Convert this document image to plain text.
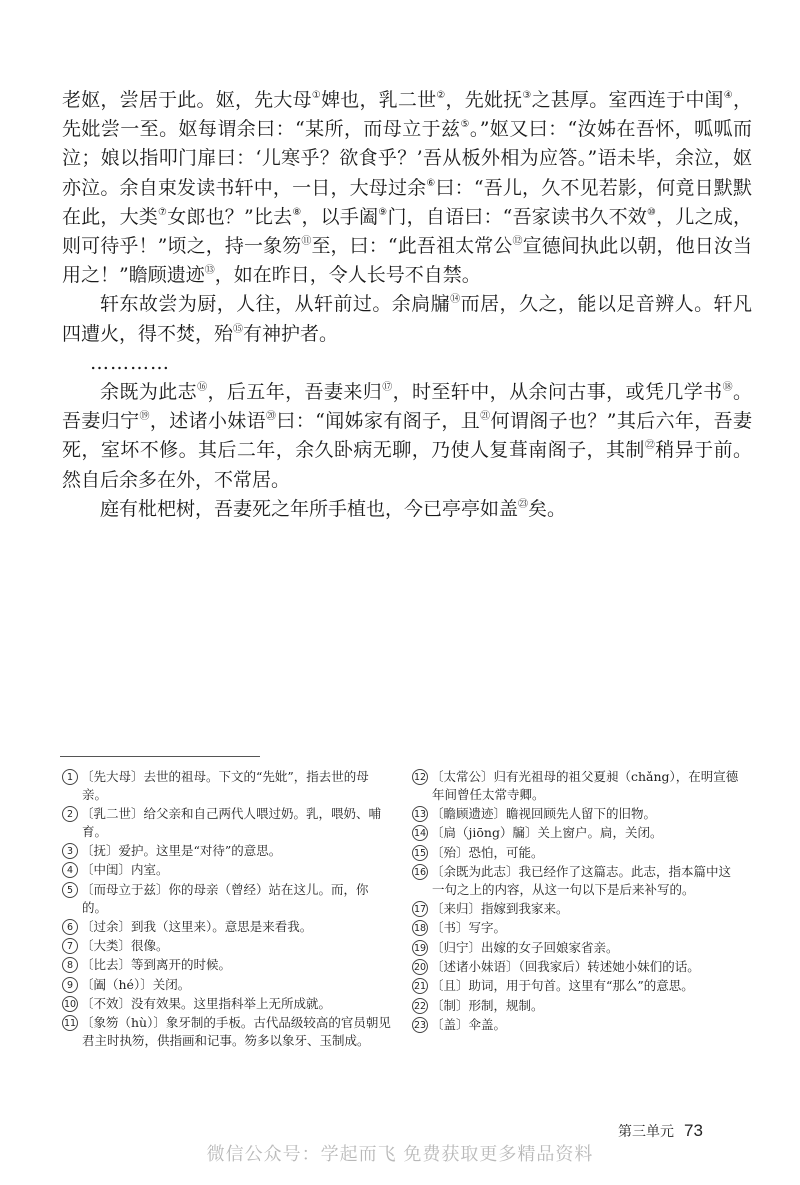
老妪，尝居于此。妪，先大母①婢也，乳二世②，先妣抚③之甚厚。室西连于中闺④，先妣尝一至。妪每谓余曰：“某所，而母立于兹⑤。”妪又曰：“汝姊在吾怀，呱呱而泣；娘以指叩门扉曰：‘儿寒乎？欲食乎？’吾从板外相为应答。”语未毕，余泣，妪亦泣。余自束发读书轩中，一日，大母过余⑥曰：“吾儿，久不见若影，何竟日默默在此，大类⑦女郎也？”比去⑧，以手阖⑨门，自语曰：“吾家读书久不效⑩，儿之成，则可待乎！”顷之，持一象笏⑪至，曰：“此吾祖太常公⑫宣德间执此以朝，他日汝当用之！”瞻顾遗迹⑬，如在昨日，令人长号不自禁。

轩东故尝为厨，人往，从轩前过。余扃牖⑭而居，久之，能以足音辨人。轩凡四遭火，得不焚，殆⑮有神护者。

…………

余既为此志⑯，后五年，吾妻来归⑰，时至轩中，从余问古事，或凭几学书⑱。吾妻归宁⑲，述诸小妹语⑳曰：“闻姊家有阁子，且$^㉑$何谓阁子也？”其后六年，吾妻死，室坏不修。其后二年，余久卧病无聊，乃使人复葺南阁子，其制$^㉒$稍异于前。然自后余多在外，不常居。

庭有枇杷树，吾妻死之年所手植也，今已亭亭如盖$^㉓$矣。

1 〔先大母〕去世的祖母。下文的“先妣”，指去世的母亲。
2 〔乳二世〕给父亲和自己两代人喂过奶。乳，喂奶、哺育。
3 〔抚〕爱护。这里是“对待”的意思。
4 〔中闺〕内室。
5 〔而母立于兹〕你的母亲（曾经）站在这儿。而，你的。
6 〔过余〕到我（这里来）。意思是来看我。
7 〔大类〕很像。
8 〔比去〕等到离开的时候。
9 〔阖（hé）〕关闭。
10 〔不效〕没有效果。这里指科举上无所成就。
11 〔象笏（hù）〕象牙制的手板。古代品级较高的官员朝见君主时执笏，供指画和记事。笏多以象牙、玉制成。
12 〔太常公〕归有光祖母的祖父夏昶（chǎng），在明宣德年间曾任太常寺卿。
13 〔瞻顾遗迹〕瞻视回顾先人留下的旧物。
14 〔扃（jiōng）牖〕关上窗户。扃，关闭。
15 〔殆〕恐怕，可能。
16 〔余既为此志〕我已经作了这篇志。此志，指本篇中这一句之上的内容，从这一句以下是后来补写的。
17 〔来归〕指嫁到我家来。
18 〔书〕写字。
19 〔归宁〕出嫁的女子回娘家省亲。
20 〔述诸小妹语〕（回我家后）转述她小妹们的话。
21 〔且〕助词，用于句首。这里有“那么”的意思。
22 〔制〕形制，规制。
23 〔盖〕伞盖。
第三单元 73
微信公众号：学起而飞 免费获取更多精品资料
